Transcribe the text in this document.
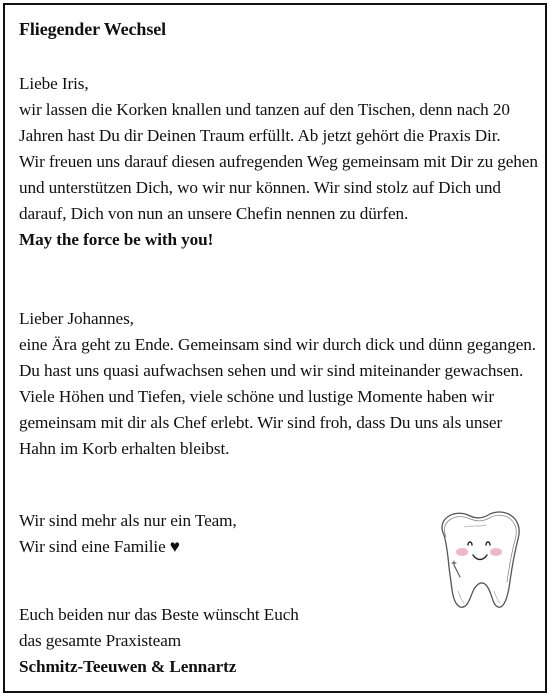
Fliegender Wechsel
Liebe Iris,
wir lassen die Korken knallen und tanzen auf den Tischen, denn nach 20
Jahren hast Du dir Deinen Traum erfüllt. Ab jetzt gehört die Praxis Dir.
Wir freuen uns darauf diesen aufregenden Weg gemeinsam mit Dir zu gehen
und unterstützen Dich, wo wir nur können. Wir sind stolz auf Dich und
darauf, Dich von nun an unsere Chefin nennen zu dürfen.
May the force be with you!
Lieber Johannes,
eine Ära geht zu Ende. Gemeinsam sind wir durch dick und dünn gegangen.
Du hast uns quasi aufwachsen sehen und wir sind miteinander gewachsen.
Viele Höhen und Tiefen, viele schöne und lustige Momente haben wir
gemeinsam mit dir als Chef erlebt. Wir sind froh, dass Du uns als unser
Hahn im Korb erhalten bleibst.
Wir sind mehr als nur ein Team,
Wir sind eine Familie ♥
Euch beiden nur das Beste wünscht Euch
das gesamte Praxisteam
Schmitz-Teeuwen & Lennartz
